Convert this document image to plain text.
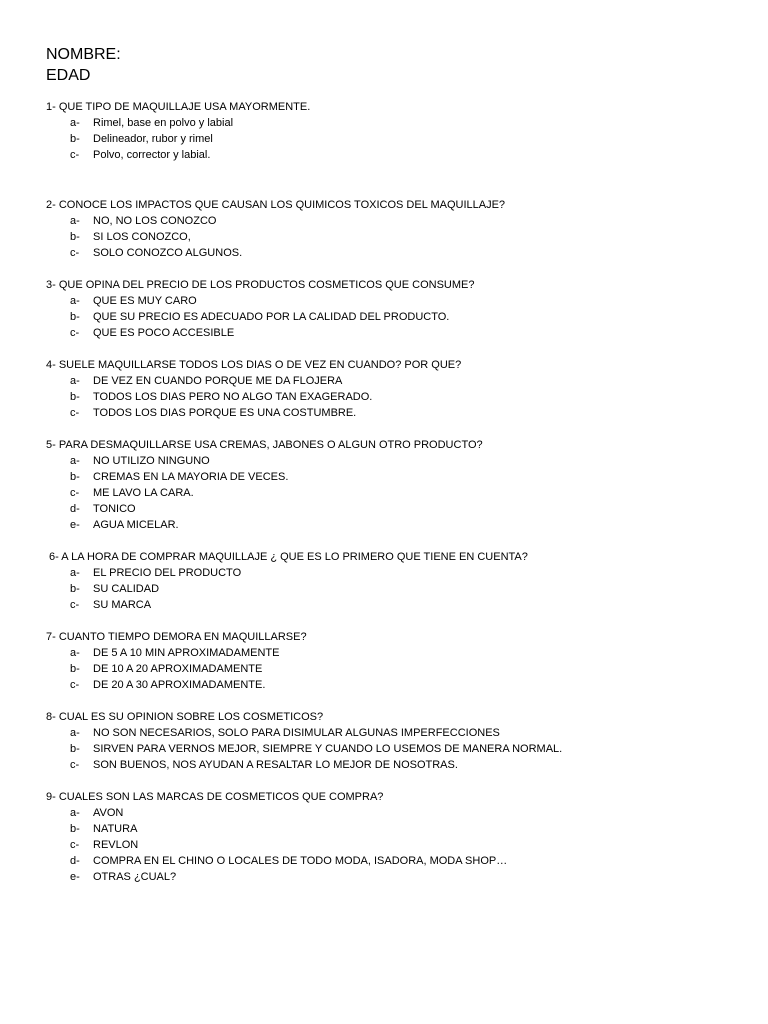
NOMBRE:

EDAD

1- QUE TIPO DE MAQUILLAJE USA MAYORMENTE.

a-	Rimel, base en polvo y labial
b-	Delineador, rubor y rimel
c-	Polvo, corrector y labial.

2- CONOCE LOS IMPACTOS QUE CAUSAN LOS QUIMICOS TOXICOS DEL MAQUILLAJE?

a-	NO, NO LOS CONOZCO
b-	SI LOS CONOZCO,
c-	SOLO CONOZCO ALGUNOS.

3- QUE OPINA DEL PRECIO DE LOS PRODUCTOS COSMETICOS QUE CONSUME?

a-	QUE ES MUY CARO
b-	QUE SU PRECIO ES ADECUADO POR LA CALIDAD DEL PRODUCTO.
c-	QUE ES POCO ACCESIBLE

4- SUELE MAQUILLARSE TODOS LOS DIAS O DE VEZ EN CUANDO? POR QUE?

a-	DE VEZ EN CUANDO PORQUE ME DA FLOJERA
b-	TODOS LOS DIAS PERO NO ALGO TAN EXAGERADO.
c-	TODOS LOS DIAS PORQUE ES UNA COSTUMBRE.

5- PARA DESMAQUILLARSE USA CREMAS, JABONES O ALGUN OTRO PRODUCTO?

a-	NO UTILIZO NINGUNO
b-	CREMAS EN LA MAYORIA DE VECES.
c-	ME LAVO LA CARA.
d-	TONICO
e-	AGUA MICELAR.

6- A LA HORA DE COMPRAR MAQUILLAJE ¿ QUE ES LO PRIMERO QUE TIENE EN CUENTA?

a-	EL PRECIO DEL PRODUCTO
b-	SU CALIDAD
c-	SU MARCA

7- CUANTO TIEMPO DEMORA EN MAQUILLARSE?

a-	DE 5 A 10 MIN APROXIMADAMENTE
b-	DE 10 A 20 APROXIMADAMENTE
c-	DE 20 A 30 APROXIMADAMENTE.

8- CUAL ES SU OPINION SOBRE LOS COSMETICOS?

a-	NO SON NECESARIOS, SOLO PARA DISIMULAR ALGUNAS IMPERFECCIONES
b-	SIRVEN PARA VERNOS MEJOR, SIEMPRE Y CUANDO LO USEMOS DE MANERA NORMAL.
c-	SON BUENOS, NOS AYUDAN A RESALTAR LO MEJOR DE NOSOTRAS.

9- CUALES SON LAS MARCAS DE COSMETICOS QUE COMPRA?

a-	AVON
b-	NATURA
c-	REVLON
d-	COMPRA EN EL CHINO O LOCALES DE TODO MODA, ISADORA, MODA SHOP…
e-	OTRAS ¿CUAL?
